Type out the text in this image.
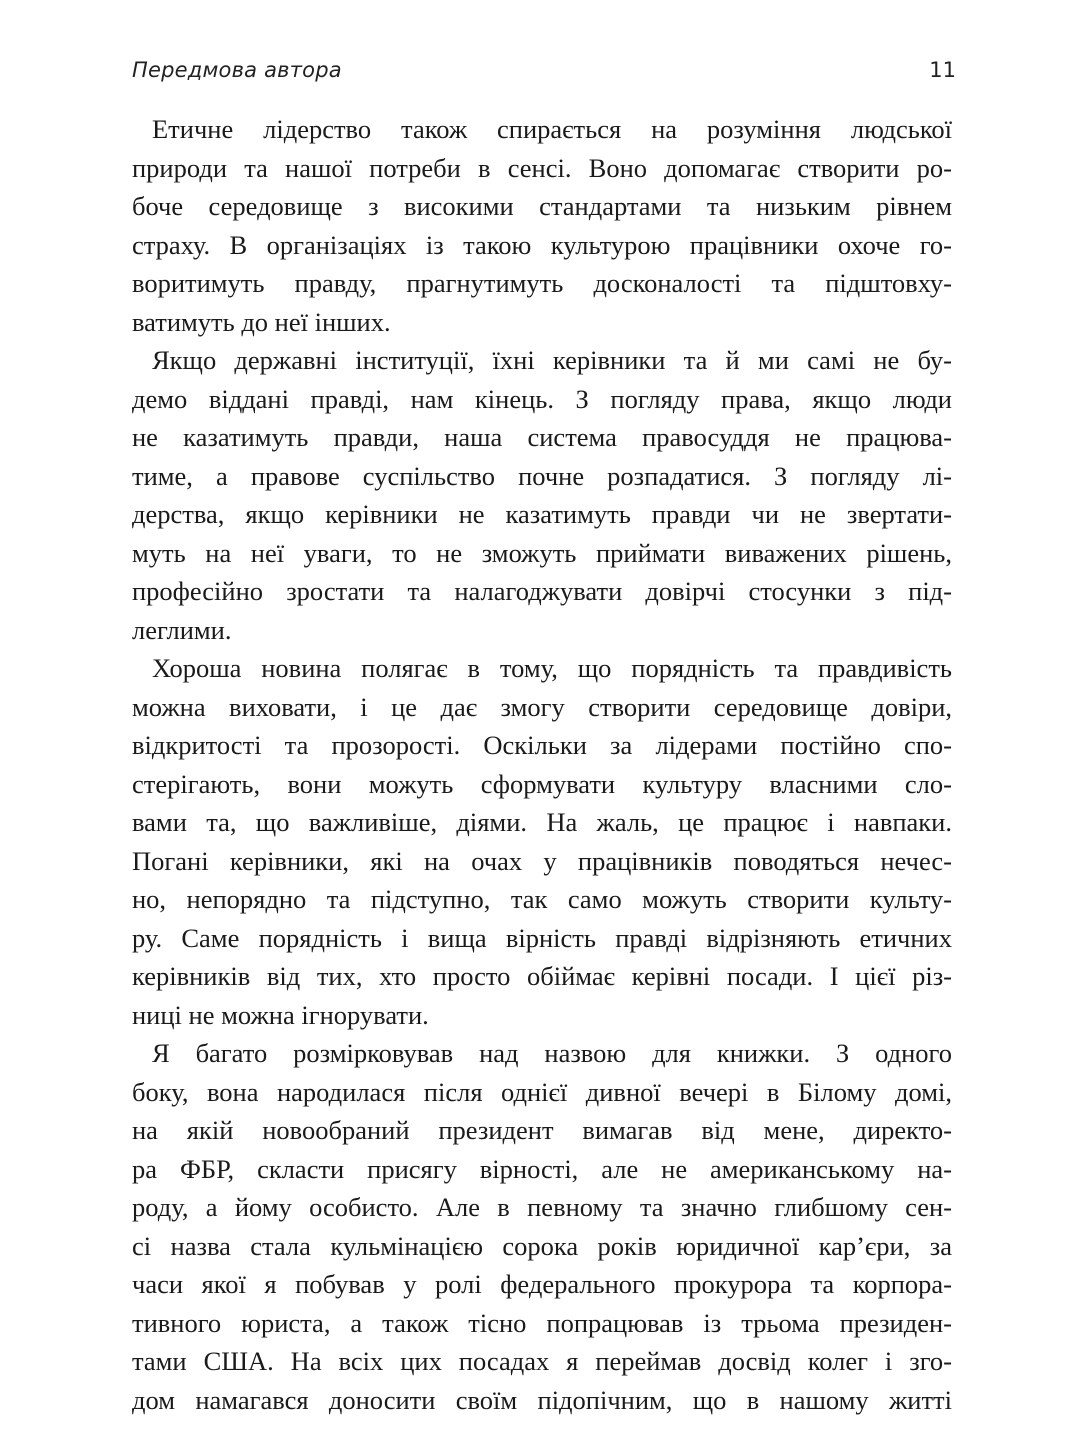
Передмова автора	11
Етичне лідерство також спирається на розуміння людської
природи та нашої потреби в сенсі. Воно допомагає створити ро-
боче середовище з високими стандартами та низьким рівнем
страху. В організаціях із такою культурою працівники охоче го-
воритимуть правду, прагнутимуть досконалості та підштовху-
ватимуть до неї інших.
Якщо державні інституції, їхні керівники та й ми самі не бу-
демо віддані правді, нам кінець. З погляду права, якщо люди
не казатимуть правди, наша система правосуддя не працюва-
тиме, а правове суспільство почне розпадатися. З погляду лі-
дерства, якщо керівники не казатимуть правди чи не звертати-
муть на неї уваги, то не зможуть приймати виважених рішень,
професійно зростати та налагоджувати довірчі стосунки з під-
леглими.
Хороша новина полягає в тому, що порядність та правдивість
можна виховати, і це дає змогу створити середовище довіри,
відкритості та прозорості. Оскільки за лідерами постійно спо-
стерігають, вони можуть сформувати культуру власними сло-
вами та, що важливіше, діями. На жаль, це працює і навпаки.
Погані керівники, які на очах у працівників поводяться нечес-
но, непорядно та підступно, так само можуть створити культу-
ру. Саме порядність і вища вірність правді відрізняють етичних
керівників від тих, хто просто обіймає керівні посади. І цієї різ-
ниці не можна ігнорувати.
Я багато розмірковував над назвою для книжки. З одного
боку, вона народилася після однієї дивної вечері в Білому домі,
на якій новообраний президент вимагав від мене, директо-
ра ФБР, скласти присягу вірності, але не американському на-
роду, а йому особисто. Але в певному та значно глибшому сен-
сі назва стала кульмінацією сорока років юридичної кар’єри, за
часи якої я побував у ролі федерального прокурора та корпора-
тивного юриста, а також тісно попрацював із трьома президен-
тами США. На всіх цих посадах я переймав досвід колег і зго-
дом намагався доносити своїм підопічним, що в нашому житті
